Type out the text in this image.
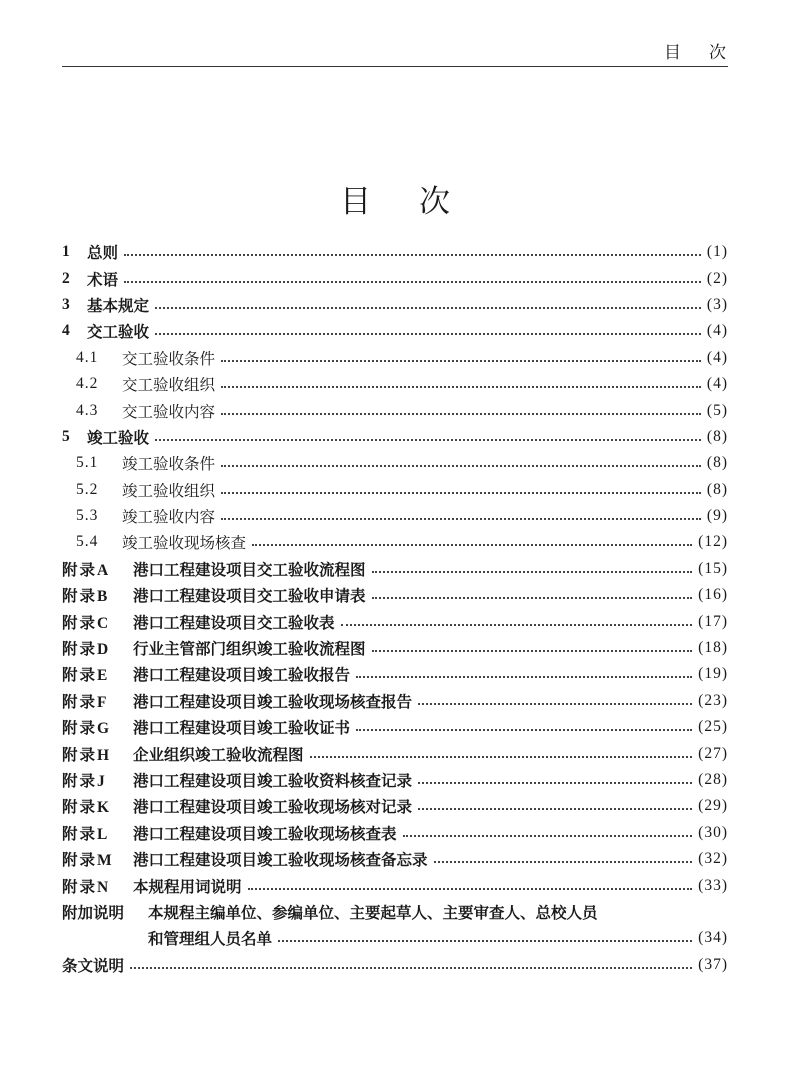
目次
目次
1	总则	(1)
2	术语	(2)
3	基本规定	(3)
4	交工验收	(4)
4.1	交工验收条件	(4)
4.2	交工验收组织	(4)
4.3	交工验收内容	(5)
5	竣工验收	(8)
5.1	竣工验收条件	(8)
5.2	竣工验收组织	(8)
5.3	竣工验收内容	(9)
5.4	竣工验收现场核查	(12)
附录A	港口工程建设项目交工验收流程图	(15)
附录B	港口工程建设项目交工验收申请表	(16)
附录C	港口工程建设项目交工验收表	(17)
附录D	行业主管部门组织竣工验收流程图	(18)
附录E	港口工程建设项目竣工验收报告	(19)
附录F	港口工程建设项目竣工验收现场核查报告	(23)
附录G	港口工程建设项目竣工验收证书	(25)
附录H	企业组织竣工验收流程图	(27)
附录J	港口工程建设项目竣工验收资料核查记录	(28)
附录K	港口工程建设项目竣工验收现场核对记录	(29)
附录L	港口工程建设项目竣工验收现场核查表	(30)
附录M	港口工程建设项目竣工验收现场核查备忘录	(32)
附录N	本规程用词说明	(33)
附加说明	本规程主编单位、参编单位、主要起草人、主要审查人、总校人员
和管理组人员名单	(34)
条文说明	(37)
